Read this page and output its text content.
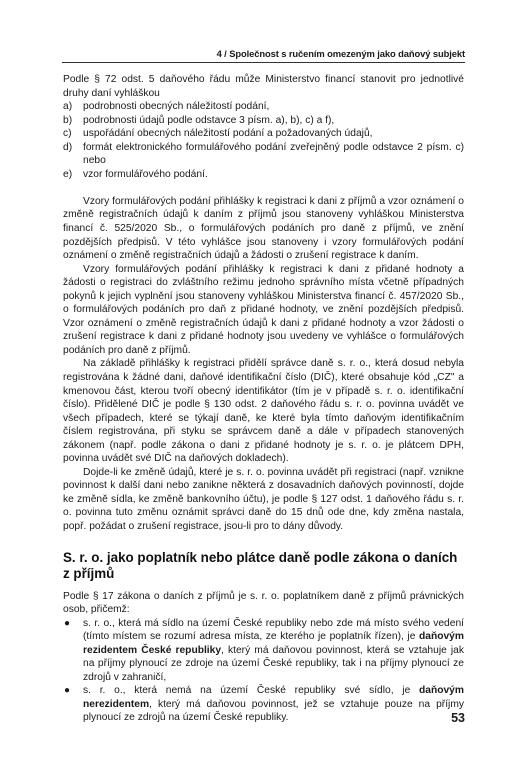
4 / Společnost s ručením omezeným jako daňový subjekt

Podle § 72 odst. 5 daňového řádu může Ministerstvo financí stanovit pro jednotlivé druhy daní vyhláškou

a) podrobnosti obecných náležitostí podání,
b) podrobnosti údajů podle odstavce 3 písm. a), b), c) a f),
c) uspořádání obecných náležitostí podání a požadovaných údajů,
d) formát elektronického formulářového podání zveřejněný podle odstavce 2 písm. c) nebo
e) vzor formulářového podání.

Vzory formulářových podání přihlášky k registraci k dani z příjmů a vzor oznámení o změně registračních údajů k daním z příjmů jsou stanoveny vyhláškou Ministerstva financí č. 525/2020 Sb., o formulářových podáních pro daně z příjmů, ve znění pozdějších předpisů. V této vyhlášce jsou stanoveny i vzory formulářových podání oznámení o změně registračních údajů a žádosti o zrušení registrace k daním.

Vzory formulářových podání přihlášky k registraci k dani z přidané hodnoty a žádosti o registraci do zvláštního režimu jednoho správního místa včetně případných pokynů k jejich vyplnění jsou stanoveny vyhláškou Ministerstva financí č. 457/2020 Sb., o formulářových podáních pro daň z přidané hodnoty, ve znění pozdějších předpisů. Vzor oznámení o změně registračních údajů k dani z přidané hodnoty a vzor žádosti o zrušení registrace k dani z přidané hodnoty jsou uvedeny ve vyhlášce o formulářových podáních pro daně z příjmů.

Na základě přihlášky k registraci přidělí správce daně s. r. o., která dosud nebyla registrována k žádné dani, daňové identifikační číslo (DIČ), které obsahuje kód „CZ" a kmenovou část, kterou tvoří obecný identifikátor (tím je v případě s. r. o. identifikační číslo). Přidělené DIČ je podle § 130 odst. 2 daňového řádu s. r. o. povinna uvádět ve všech případech, které se týkají daně, ke které byla tímto daňovým identifikačním číslem registrována, při styku se správcem daně a dále v případech stanovených zákonem (např. podle zákona o dani z přidané hodnoty je s. r. o. je plátcem DPH, povinna uvádět své DIČ na daňových dokladech).

Dojde-li ke změně údajů, které je s. r. o. povinna uvádět při registraci (např. vznikne povinnost k další dani nebo zanikne některá z dosavadních daňových povinností, dojde ke změně sídla, ke změně bankovního účtu), je podle § 127 odst. 1 daňového řádu s. r. o. povinna tuto změnu oznámit správci daně do 15 dnů ode dne, kdy změna nastala, popř. požádat o zrušení registrace, jsou-li pro to dány důvody.

S. r. o. jako poplatník nebo plátce daně podle zákona o daních z příjmů

Podle § 17 zákona o daních z příjmů je s. r. o. poplatníkem daně z příjmů právnických osob, přičemž:

● s. r. o., která má sídlo na území České republiky nebo zde má místo svého vedení (tímto místem se rozumí adresa místa, ze kterého je poplatník řízen), je daňovým rezidentem České republiky, který má daňovou povinnost, která se vztahuje jak na příjmy plynoucí ze zdroje na území České republiky, tak i na příjmy plynoucí ze zdrojů v zahraničí,
● s. r. o., která nemá na území České republiky své sídlo, je daňovým nerezidentem, který má daňovou povinnost, jež se vztahuje pouze na příjmy plynoucí ze zdrojů na území České republiky.	53
